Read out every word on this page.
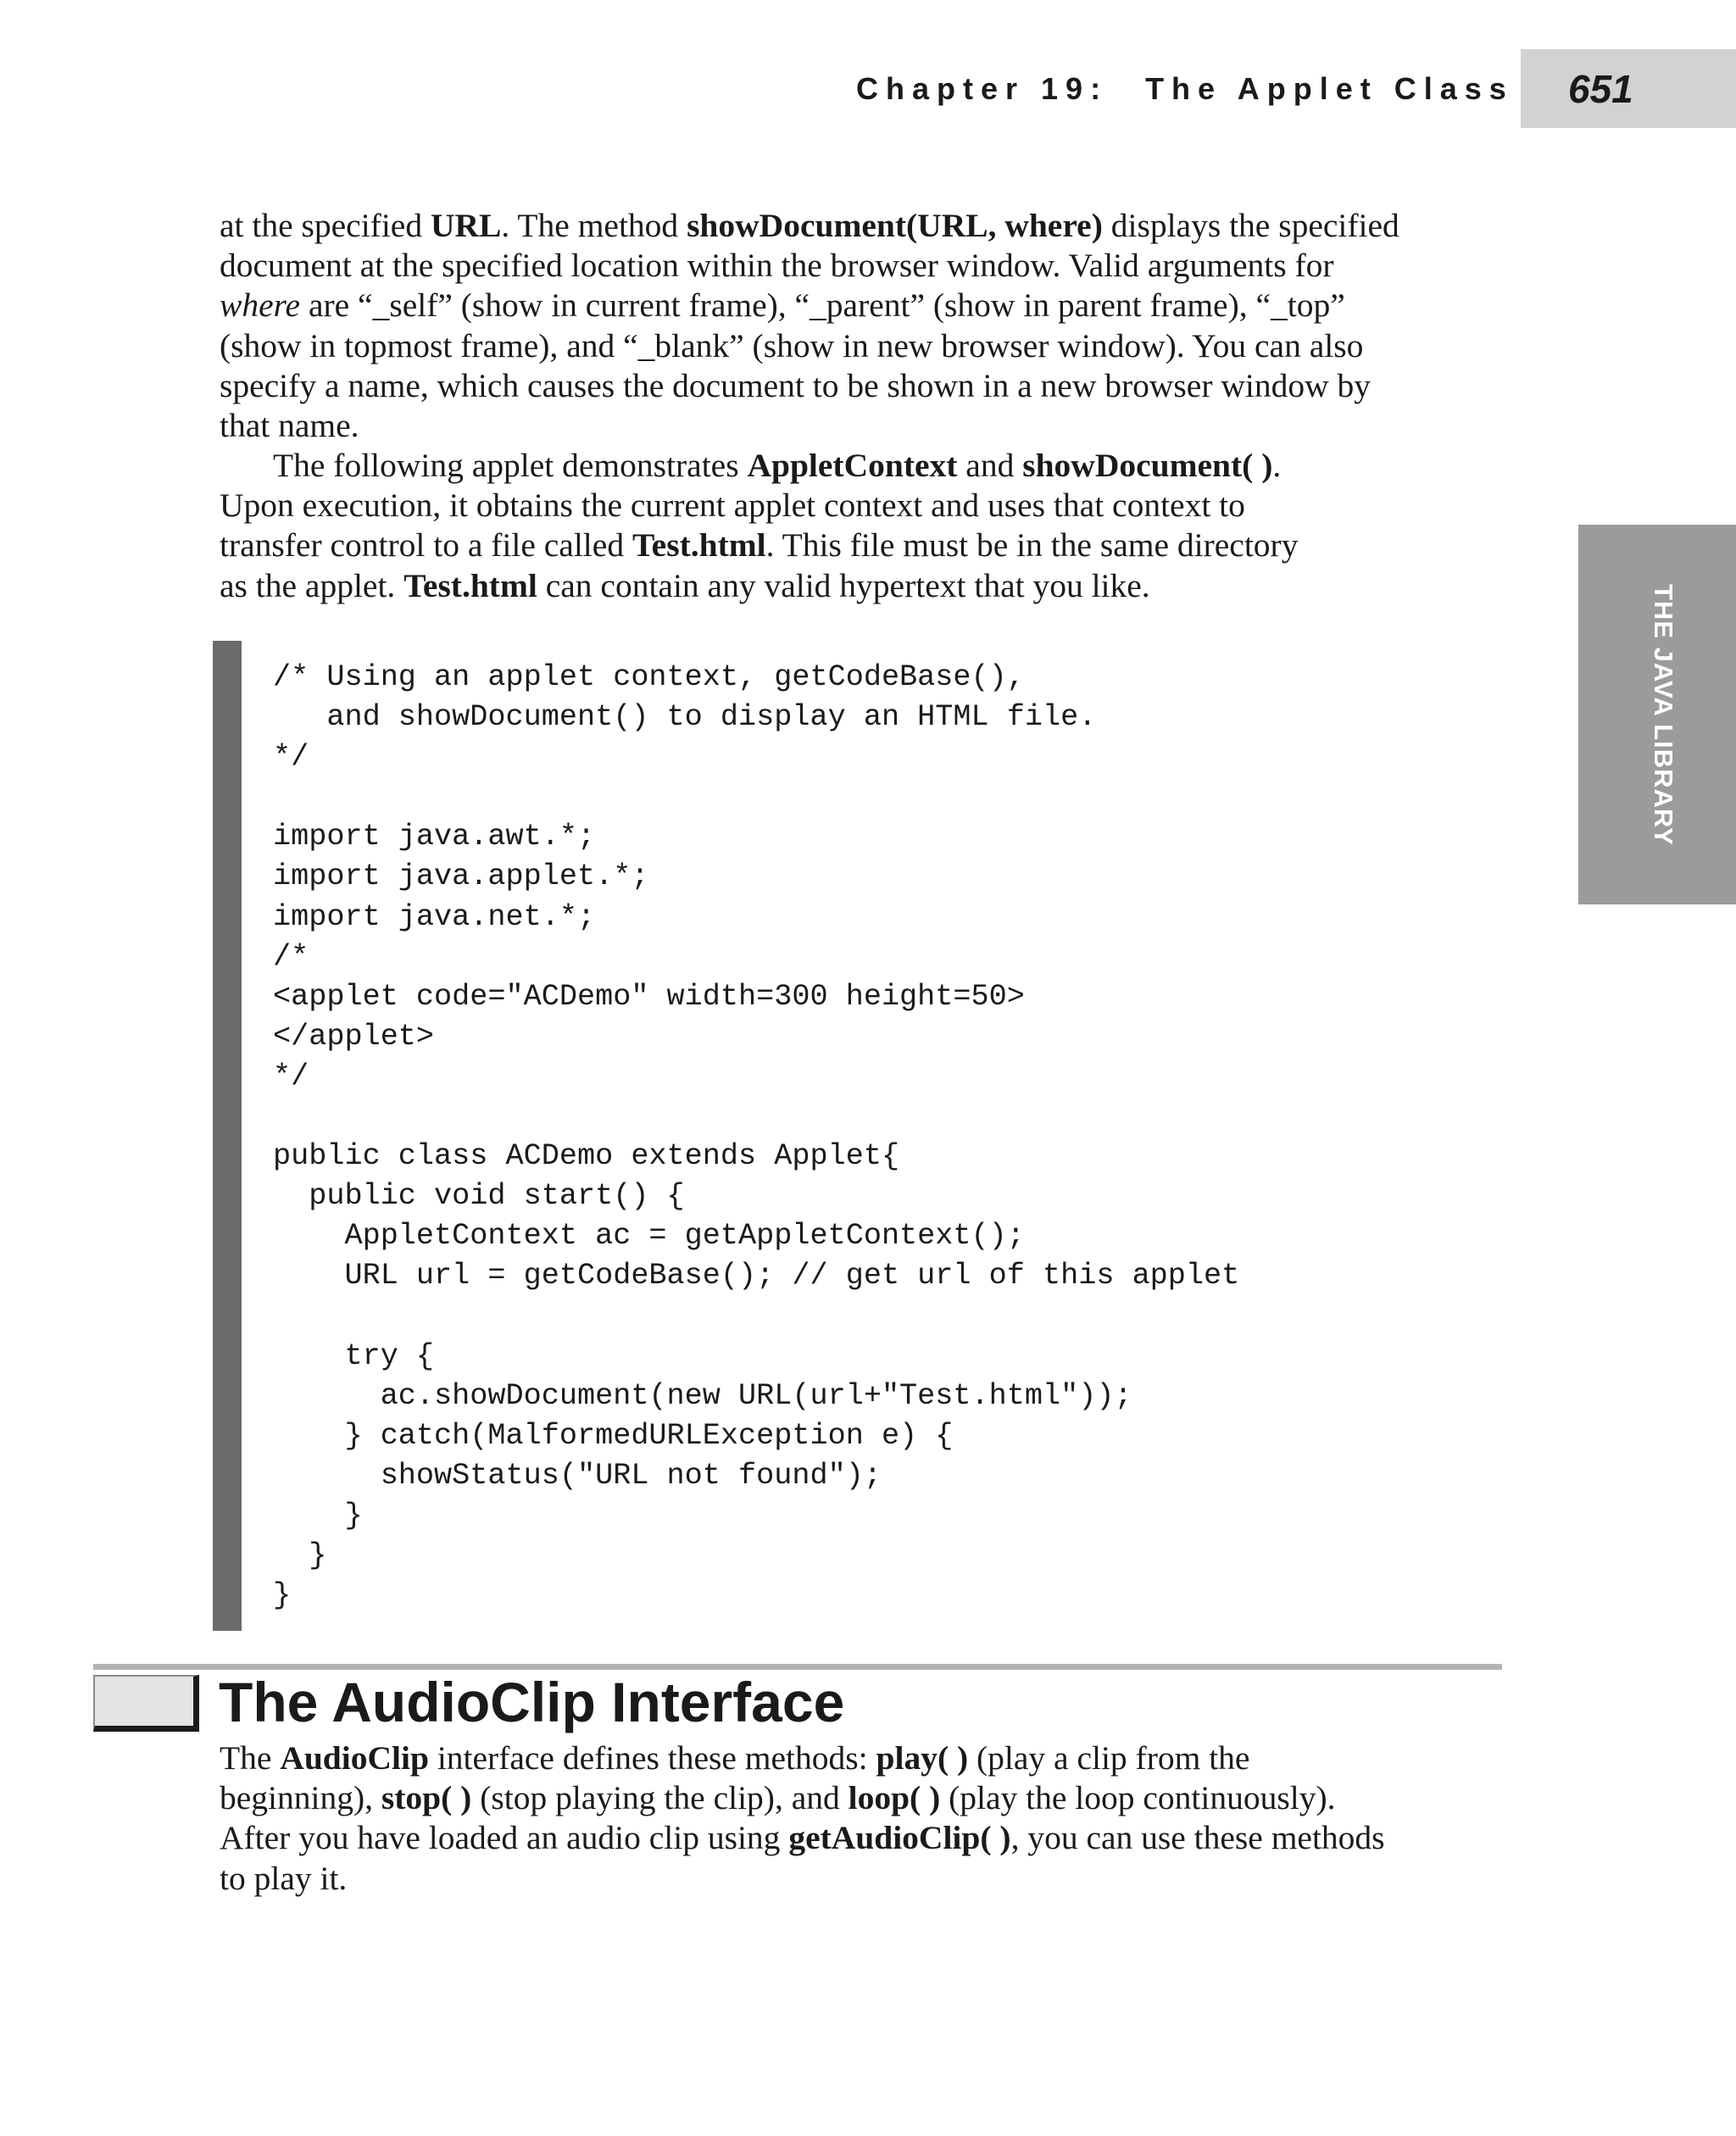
Chapter 19: The Applet Class 651
THE JAVA LIBRARY
at the specified URL. The method showDocument(URL, where) displays the specified
document at the specified location within the browser window. Valid arguments for
where are “_self” (show in current frame), “_parent” (show in parent frame), “_top”
(show in topmost frame), and “_blank” (show in new browser window). You can also
specify a name, which causes the document to be shown in a new browser window by
that name.
The following applet demonstrates AppletContext and showDocument( ).
Upon execution, it obtains the current applet context and uses that context to
transfer control to a file called Test.html. This file must be in the same directory
as the applet. Test.html can contain any valid hypertext that you like.
/* Using an applet context, getCodeBase(),
and showDocument() to display an HTML file.
*/
import java.awt.*;
import java.applet.*;
import java.net.*;
/*
<applet code="ACDemo" width=300 height=50>
</applet>
*/
public class ACDemo extends Applet{
public void start() {
AppletContext ac = getAppletContext();
URL url = getCodeBase(); // get url of this applet
try {
ac.showDocument(new URL(url+"Test.html"));
} catch(MalformedURLException e) {
showStatus("URL not found");
}
}
}
The AudioClip Interface
The AudioClip interface defines these methods: play( ) (play a clip from the
beginning), stop( ) (stop playing the clip), and loop( ) (play the loop continuously).
After you have loaded an audio clip using getAudioClip( ), you can use these methods
to play it.
